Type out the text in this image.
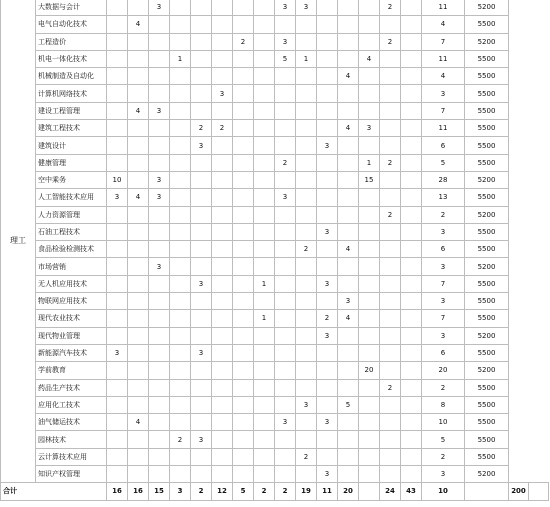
理工	大数据与会计			3						3	3				2		11	5200		
	电气自动化技术		4														4	5500		
	工程造价							2		3					2		7	5200		
	机电一体化技术				1					5	1			4			11	5500		
	机械制造及自动化												4				4	5500		
	计算机网络技术						3										3	5500		
	建设工程管理		4	3													7	5500		
	建筑工程技术					2	2						4	3			11	5500		
	建筑设计					3						3					6	5500		
	健康管理									2				1	2		5	5500		
	空中乘务	10		3										15			28	5200		
	人工智能技术应用	3	4	3						3							13	5500		
	人力资源管理														2		2	5200		
	石油工程技术											3					3	5500		
	食品检验检测技术										2		4				6	5500		
	市场营销			3													3	5200		
	无人机应用技术					3			1			3					7	5500		
	物联网应用技术												3				3	5500		
	现代农业技术								1			2	4				7	5500		
	现代物业管理											3					3	5200		
	新能源汽车技术	3				3											6	5500		
	学前教育													20			20	5200		
	药品生产技术														2		2	5500		
	应用化工技术										3		5				8	5500		
	油气储运技术		4							3		3					10	5500		
	园林技术				2	3											5	5500		
	云计算技术应用										2						2	5500		
	知识产权管理											3					3	5200		
合计		16	16	15	3	2	12	5	2	2	19	11	20		24	43	10		200	
